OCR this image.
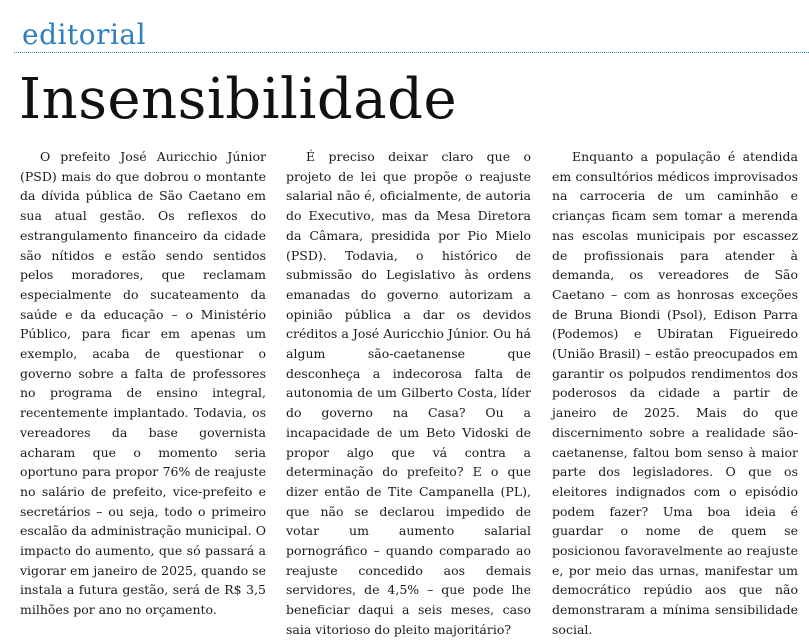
editorial
Insensibilidade

O prefeito José Auricchio Júnior (PSD) mais do que dobrou o montante da dívida pública de São Caetano em sua atual gestão. Os reflexos do estrangulamento financeiro da cidade são nítidos e estão sendo sentidos pelos moradores, que reclamam especialmente do sucateamento da saúde e da educação – o Ministério Público, para ficar em apenas um exemplo, acaba de questionar o governo sobre a falta de professores no programa de ensino integral, recentemente implantado. Todavia, os vereadores da base governista acharam que o momento seria oportuno para propor 76% de reajuste no salário de prefeito, vice-prefeito e secretários – ou seja, todo o primeiro escalão da administração municipal. O impacto do aumento, que só passará a vigorar em janeiro de 2025, quando se instala a futura gestão, será de R$ 3,5 milhões por ano no orçamento.

É preciso deixar claro que o projeto de lei que propõe o reajuste salarial não é, oficialmente, de autoria do Executivo, mas da Mesa Diretora da Câmara, presidida por Pio Mielo (PSD). Todavia, o histórico de submissão do Legislativo às ordens emanadas do governo autorizam a opinião pública a dar os devidos créditos a José Auricchio Júnior. Ou há algum são-caetanense que desconheça a indecorosa falta de autonomia de um Gilberto Costa, líder do governo na Casa? Ou a incapacidade de um Beto Vidoski de propor algo que vá contra a determinação do prefeito? E o que dizer então de Tite Campanella (PL), que não se declarou impedido de votar um aumento salarial pornográfico – quando comparado ao reajuste concedido aos demais servidores, de 4,5% – que pode lhe beneficiar daqui a seis meses, caso saia vitorioso do pleito majoritário?

Enquanto a população é atendida em consultórios médicos improvisados na carroceria de um caminhão e crianças ficam sem tomar a merenda nas escolas municipais por escassez de profissionais para atender à demanda, os vereadores de São Caetano – com as honrosas exceções de Bruna Biondi (Psol), Edison Parra (Podemos) e Ubiratan Figueiredo (União Brasil) – estão preocupados em garantir os polpudos rendimentos dos poderosos da cidade a partir de janeiro de 2025. Mais do que discernimento sobre a realidade são-caetanense, faltou bom senso à maior parte dos legisladores. O que os eleitores indignados com o episódio podem fazer? Uma boa ideia é guardar o nome de quem se posicionou favoravelmente ao reajuste e, por meio das urnas, manifestar um democrático repúdio aos que não demonstraram a mínima sensibilidade social.
